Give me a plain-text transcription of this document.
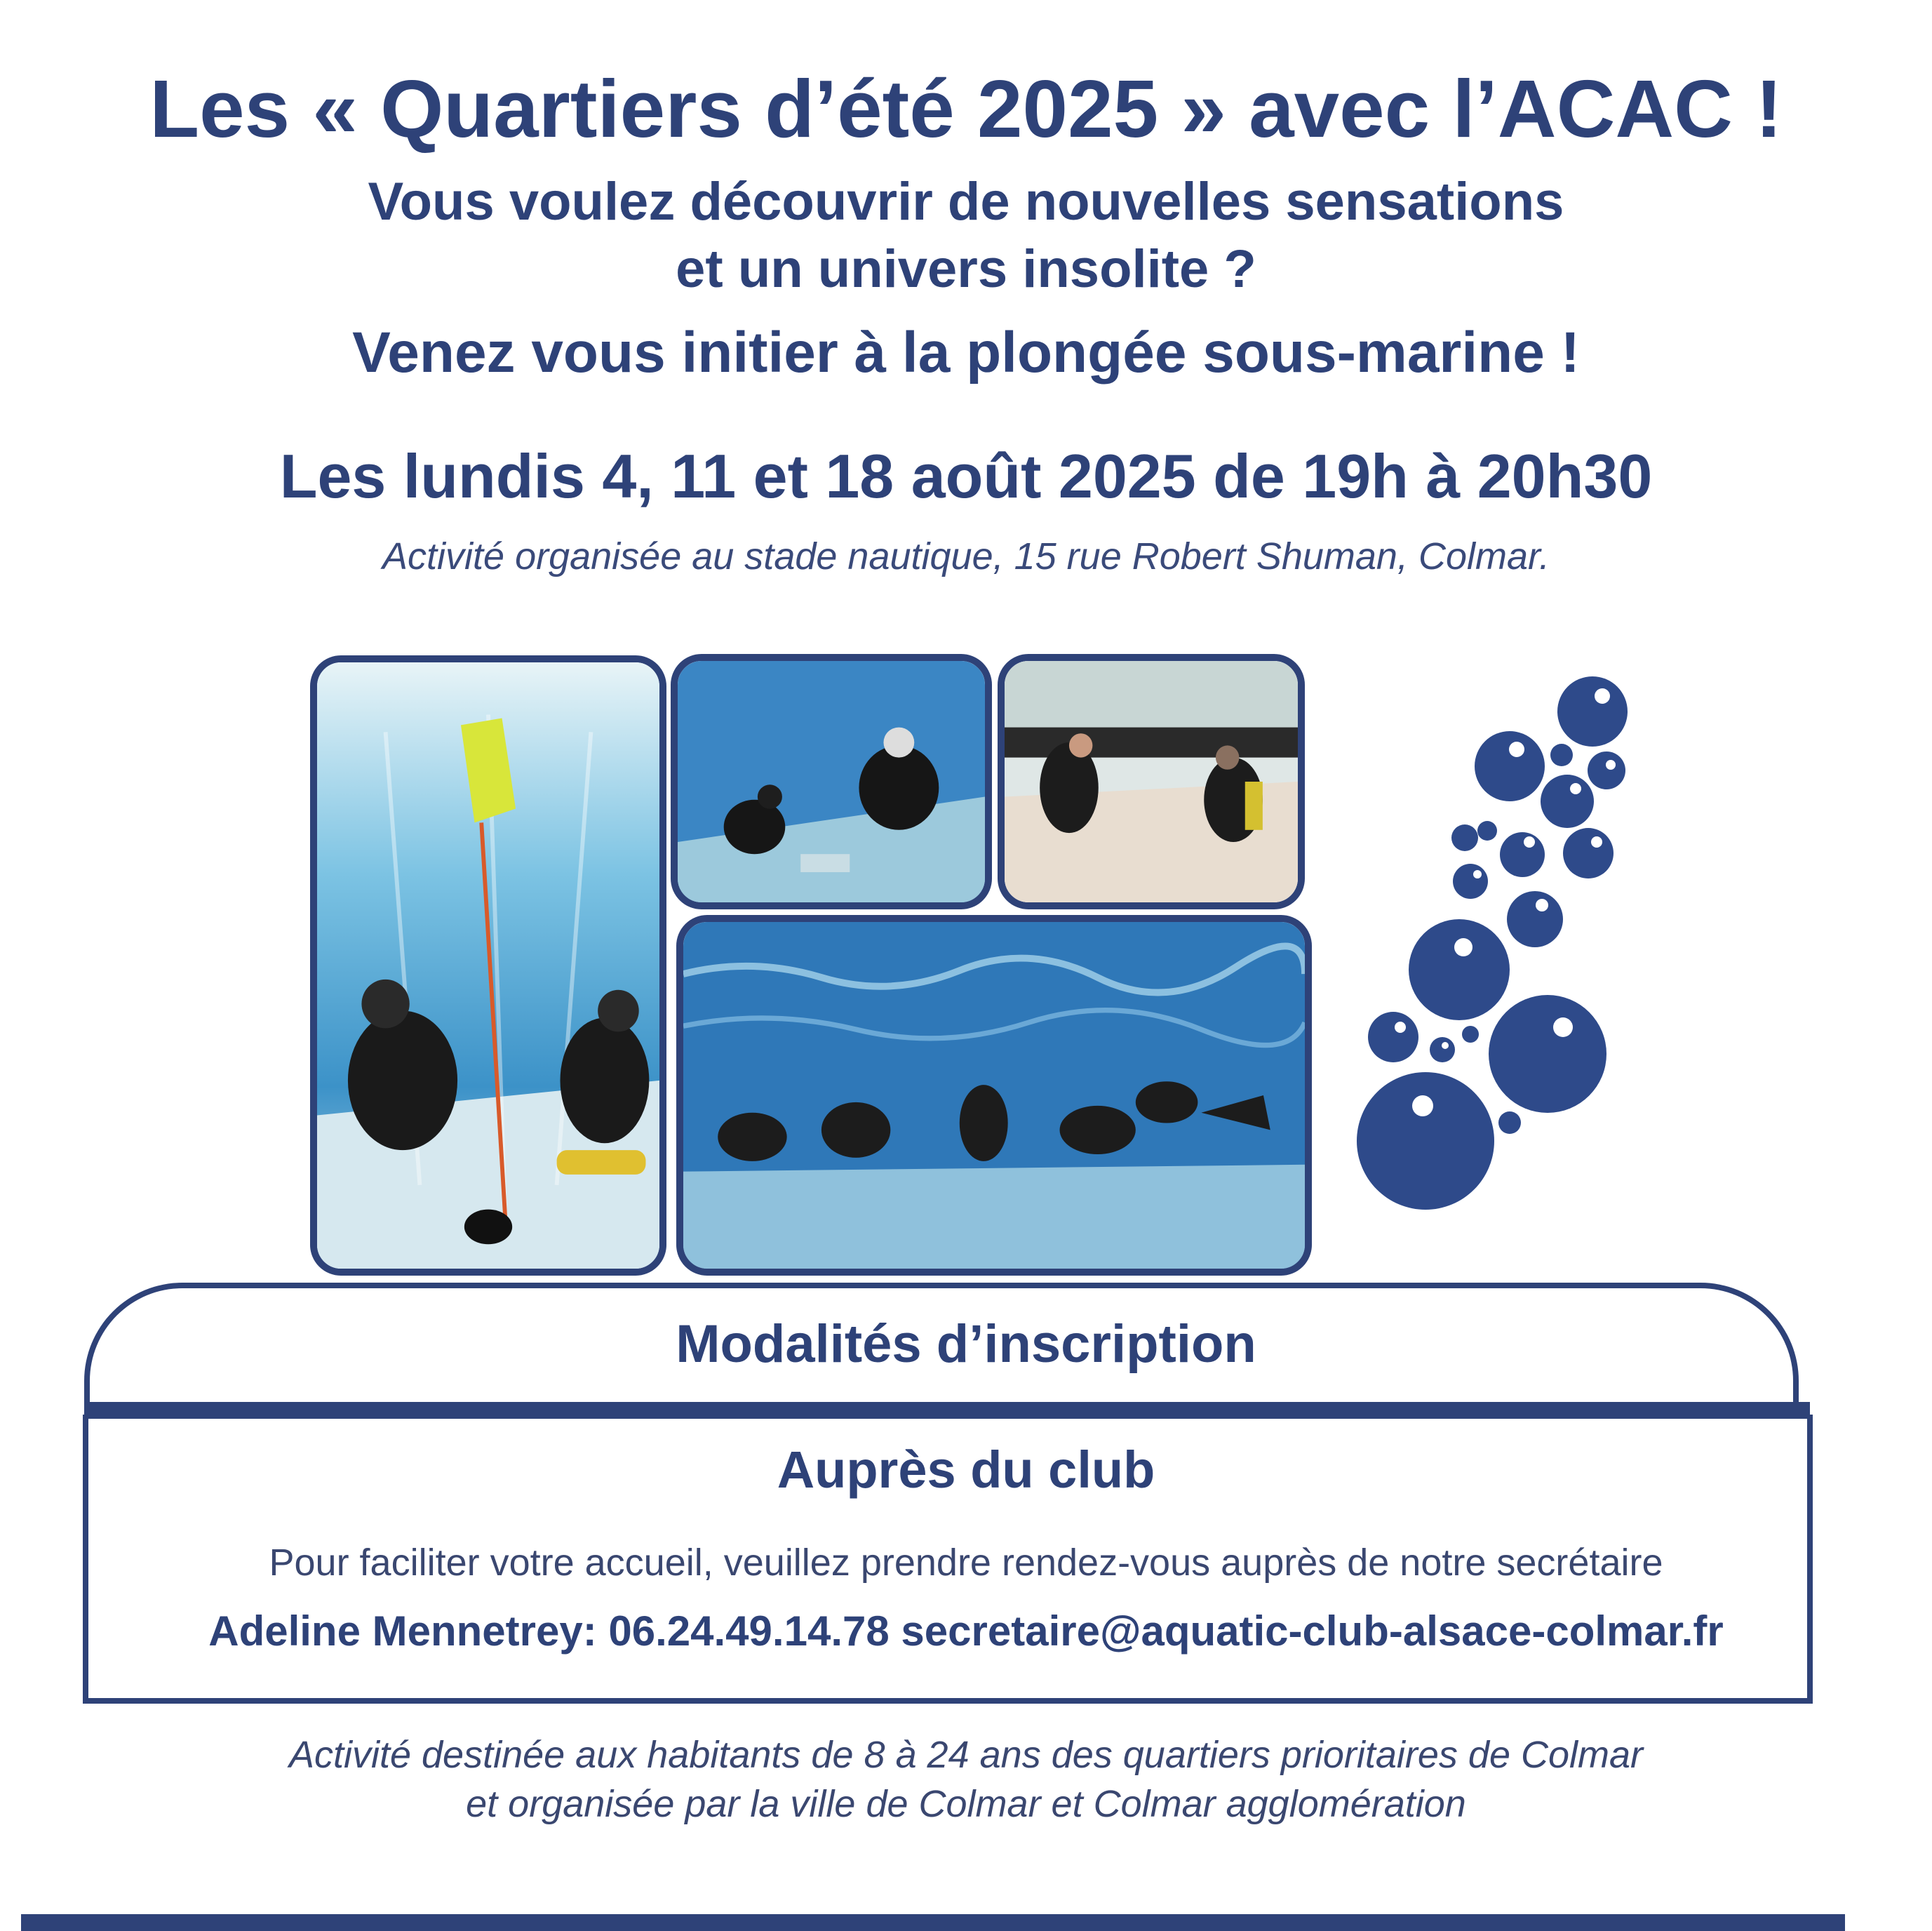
Les « Quartiers d’été 2025 » avec l’ACAC !
Vous voulez découvrir de nouvelles sensations
et un univers insolite ?
Venez vous initier à la plongée sous-marine !
Les lundis 4, 11 et 18 août 2025 de 19h à 20h30
Activité organisée au stade nautique, 15 rue Robert Shuman, Colmar.
Modalités d’inscription
Auprès du club
Pour faciliter votre accueil, veuillez prendre rendez-vous auprès de notre secrétaire
Adeline Mennetrey: 06.24.49.14.78 secretaire@aquatic-club-alsace-colmar.fr
Activité destinée aux habitants de 8 à 24 ans des quartiers prioritaires de Colmar
et organisée par la ville de Colmar et Colmar agglomération
